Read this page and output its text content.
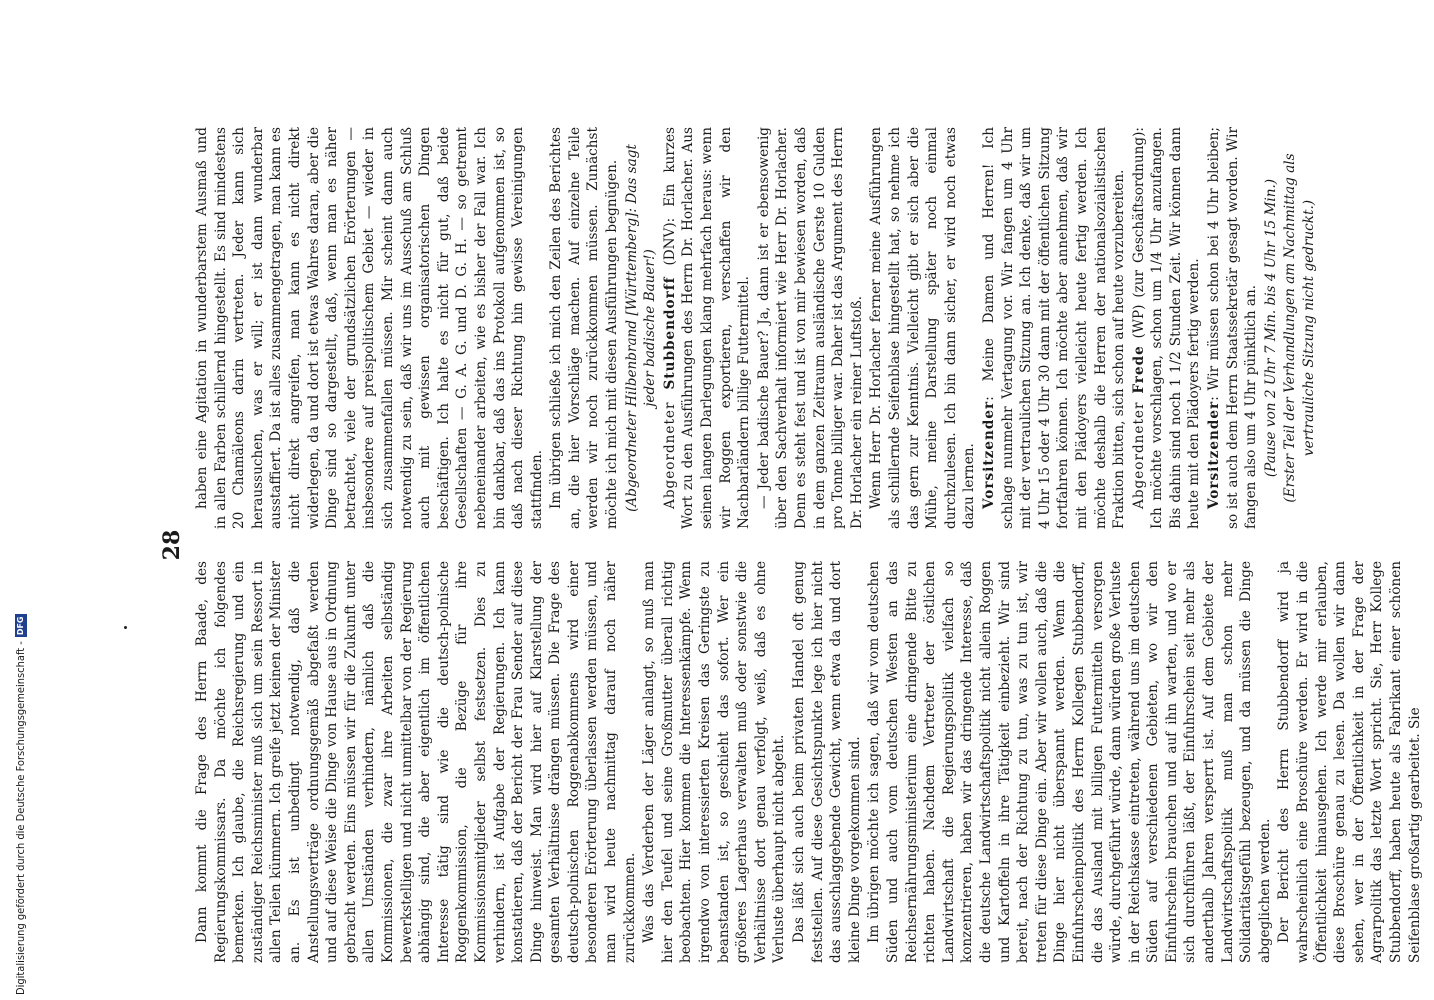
28

Dann kommt die Frage des Herrn Baade, des Regierungskommissars. Da möchte ich folgendes bemerken. Ich glaube, die Reichsregierung und ein zuständiger Reichsminister muß sich um sein Ressort in allen Teilen kümmern. Ich greife jetzt keinen der Minister an. Es ist unbedingt notwendig, daß die Anstellungsverträge ordnungsgemäß abgefaßt werden und auf diese Weise die Dinge von Hause aus in Ordnung gebracht werden. Eins müssen wir für die Zukunft unter allen Umständen verhindern, nämlich daß die Kommissionen, die zwar ihre Arbeiten selbständig bewerkstelligen und nicht unmittelbar von der Regierung abhängig sind, die aber eigentlich im öffentlichen Interesse tätig sind wie die deutsch-polnische Roggenkommission, die Bezüge für ihre Kommissionsmitglieder selbst festsetzen. Dies zu verhindern, ist Aufgabe der Regierungen. Ich kann konstatieren, daß der Bericht der Frau Sender auf diese Dinge hinweist. Man wird hier auf Klarstellung der gesamten Verhältnisse drängen müssen. Die Frage des deutsch-polnischen Roggenabkommens wird einer besonderen Erörterung überlassen werden müssen, und man wird heute nachmittag darauf noch näher zurückkommen. Was das Verderben der Läger anlangt, so muß man hier den Teufel und seine Großmutter überall richtig beobachten. Hier kommen die Interessenkämpfe. Wenn irgendwo von interessierten Kreisen das Geringste zu beanstanden ist, so geschieht das sofort. Wer ein größeres Lagerhaus verwalten muß oder sonstwie die Verhältnisse dort genau verfolgt, weiß, daß es ohne Verluste überhaupt nicht abgeht. Das läßt sich auch beim privaten Handel oft genug feststellen. Auf diese Gesichtspunkte lege ich hier nicht das ausschlaggebende Gewicht, wenn etwa da und dort kleine Dinge vorgekommen sind. Im übrigen möchte ich sagen, daß wir vom deutschen Süden und auch vom deutschen Westen an das Reichsernährungsministerium eine dringende Bitte zu richten haben. Nachdem Vertreter der östlichen Landwirtschaft die Regierungspolitik vielfach so konzentrieren, haben wir das dringende Interesse, daß die deutsche Landwirtschaftspolitik nicht allein Roggen und Kartoffeln in ihre Tätigkeit einbezieht. Wir sind bereit, nach der Richtung zu tun, was zu tun ist, wir treten für diese Dinge ein. Aber wir wollen auch, daß die Dinge hier nicht überspannt werden. Wenn die Einfuhrscheinpolitik des Herrn Kollegen Stubbendorff, die das Ausland mit billigen Futtermitteln versorgen würde, durchgeführt würde, dann würden große Verluste in der Reichskasse eintreten, während uns im deutschen Süden auf verschiedenen Gebieten, wo wir den Einfuhrschein brauchen und auf ihn warten, und wo er sich durchführen läßt, der Einfuhrschein seit mehr als anderthalb Jahren versperrt ist. Auf dem Gebiete der Landwirtschaftspolitik muß man schon mehr Solidaritätsgefühl bezeugen, und da müssen die Dinge abgeglichen werden. Der Bericht des Herrn Stubbendorff wird ja wahrscheinlich eine Broschüre werden. Er wird in die Öffentlichkeit hinausgehen. Ich werde mir erlauben, diese Broschüre genau zu lesen. Da wollen wir dann sehen, wer in der Öffentlichkeit in der Frage der Agrarpolitik das letzte Wort spricht. Sie, Herr Kollege Stubbendorff, haben heute als Fabrikant einer schönen Seifenblase großartig gearbeitet. Sie

haben eine Agitation in wunderbarstem Ausmaß und in allen Farben schillernd hingestellt. Es sind mindestens 20 Chamäleons darin vertreten. Jeder kann sich heraussuchen, was er will; er ist dann wunderbar ausstaffiert. Da ist alles zusammengetragen, man kann es nicht direkt angreifen, man kann es nicht direkt widerlegen, da und dort ist etwas Wahres daran, aber die Dinge sind so dargestellt, daß, wenn man es näher betrachtet, viele der grundsätzlichen Erörterungen — insbesondere auf preispolitischem Gebiet — wieder in sich zusammenfallen müssen. Mir scheint dann auch notwendig zu sein, daß wir uns im Ausschuß am Schluß auch mit gewissen organisatorischen Dingen beschäftigen. Ich halte es nicht für gut, daß beide Gesellschaften — G. A. G. und D. G. H. — so getrennt nebeneinander arbeiten, wie es bisher der Fall war. Ich bin dankbar, daß das ins Protokoll aufgenommen ist, so daß nach dieser Richtung hin gewisse Vereinigungen stattfinden. Im übrigen schließe ich mich den Zeilen des Berichtes an, die hier Vorschläge machen. Auf einzelne Teile werden wir noch zurückkommen müssen. Zunächst möchte ich mich mit diesen Ausführungen begnügen. (Abgeordneter Hilbenbrand [Württemberg]: Das sagt jeder badische Bauer!)

Abgeordneter Stubbendorff (DNV): Ein kurzes Wort zu den Ausführungen des Herrn Dr. Horlacher. Aus seinen langen Darlegungen klang mehrfach heraus: wenn wir Roggen exportieren, verschaffen wir den Nachbarländern billige Futtermittel. — Jeder badische Bauer? Ja, dann ist er ebensowenig über den Sachverhalt informiert wie Herr Dr. Horlacher. Denn es steht fest und ist von mir bewiesen worden, daß in dem ganzen Zeitraum ausländische Gerste 10 Gulden pro Tonne billiger war. Daher ist das Argument des Herrn Dr. Horlacher ein reiner Luftstoß. Wenn Herr Dr. Horlacher ferner meine Ausführungen als schillernde Seifenblase hingestellt hat, so nehme ich das gern zur Kenntnis. Vielleicht gibt er sich aber die Mühe, meine Darstellung später noch einmal durchzulesen. Ich bin dann sicher, er wird noch etwas dazu lernen. Vorsitzender: Meine Damen und Herren! Ich schlage nunmehr Vertagung vor. Wir fangen um 4 Uhr mit der vertraulichen Sitzung an. Ich denke, daß wir um 4 Uhr 15 oder 4 Uhr 30 dann mit der öffentlichen Sitzung fortfahren können. Ich möchte aber annehmen, daß wir mit den Plädoyers vielleicht heute fertig werden. Ich möchte deshalb die Herren der nationalsozialistischen Fraktion bitten, sich schon auf heute vorzubereiten. Abgeordneter Frede (WP) (zur Geschäftsordnung): Ich möchte vorschlagen, schon um 1/4 Uhr anzufangen. Bis dahin sind noch 1 1/2 Stunden Zeit. Wir können dann heute mit den Plädoyers fertig werden. Vorsitzender: Wir müssen schon bei 4 Uhr bleiben; so ist auch dem Herrn Staatssekretär gesagt worden. Wir fangen also um 4 Uhr pünktlich an. (Pause von 2 Uhr 7 Min. bis 4 Uhr 15 Min.) (Erster Teil der Verhandlungen am Nachmittag als vertrauliche Sitzung nicht gedruckt.)

Digitalisierung gefördert durch die Deutsche Forschungsgemeinschaft -
DFG
